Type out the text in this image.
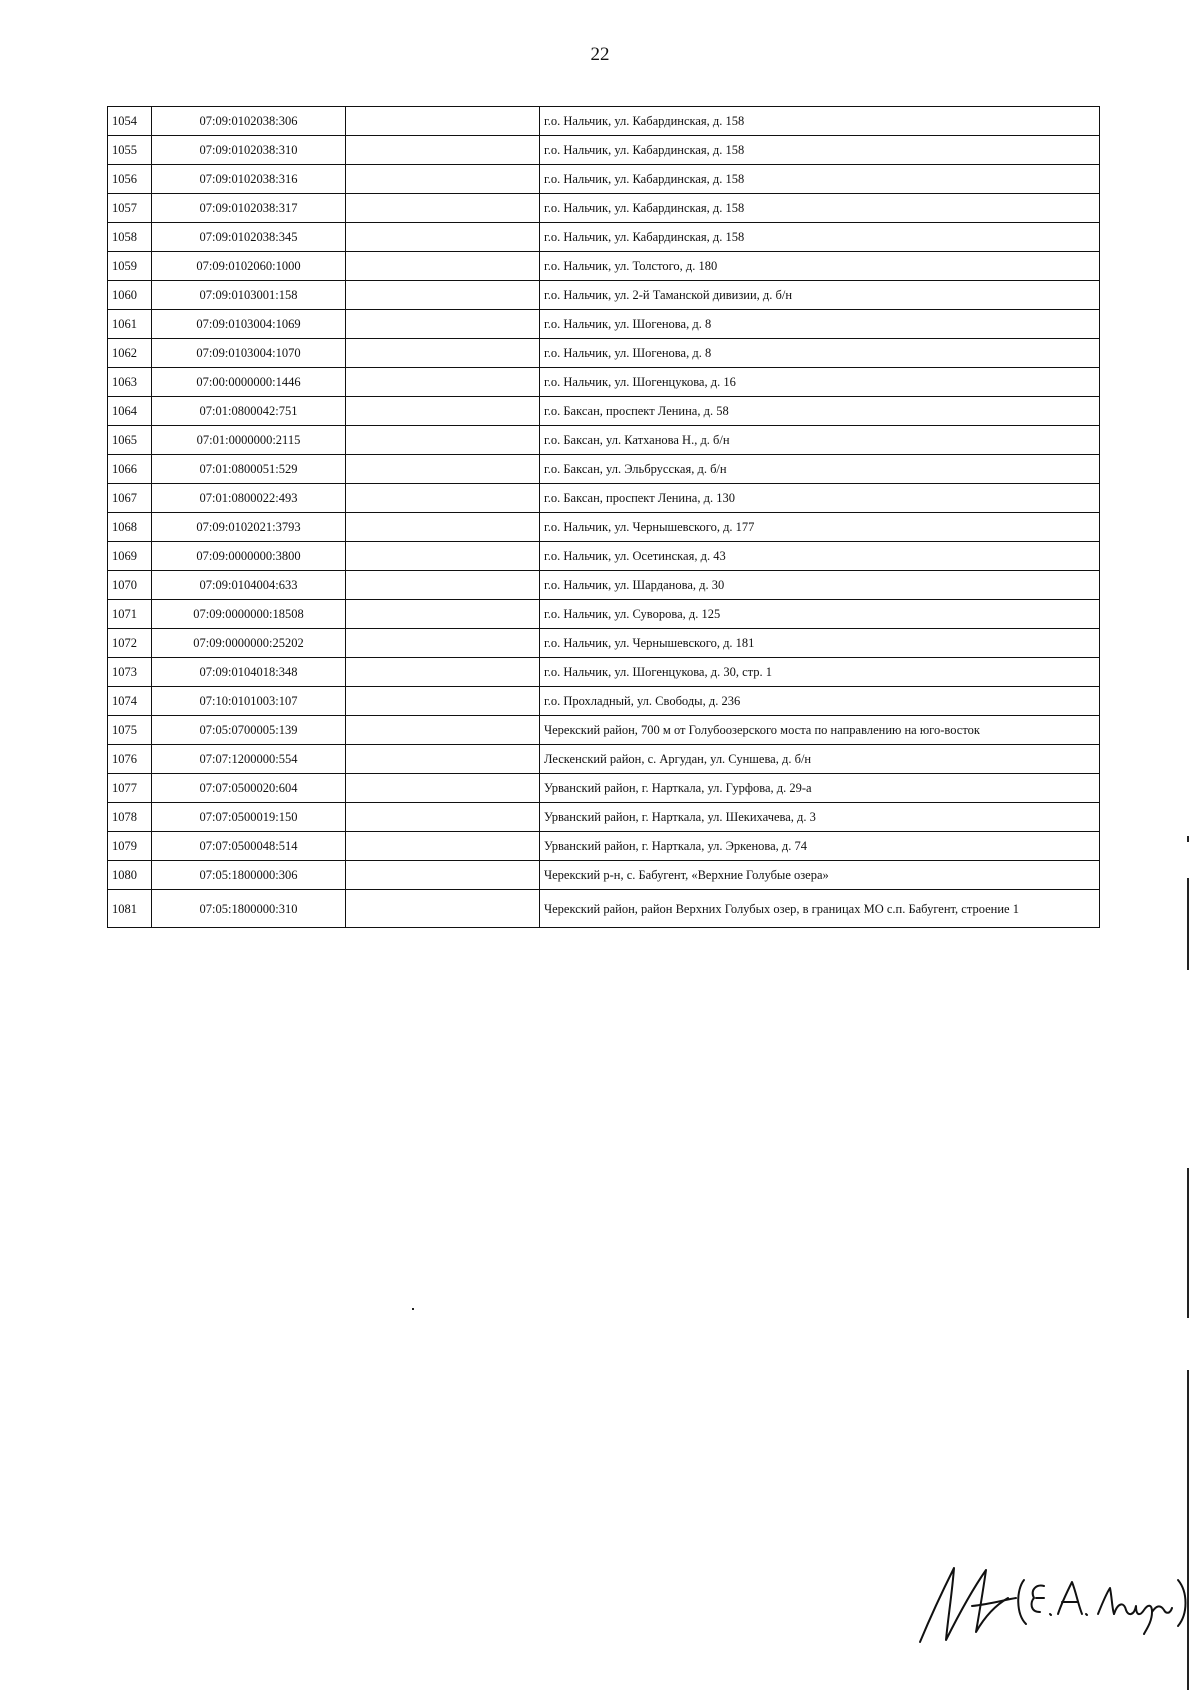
22
1054	07:09:0102038:306		г.о. Нальчик, ул. Кабардинская, д. 158
1055	07:09:0102038:310		г.о. Нальчик, ул. Кабардинская, д. 158
1056	07:09:0102038:316		г.о. Нальчик, ул. Кабардинская, д. 158
1057	07:09:0102038:317		г.о. Нальчик, ул. Кабардинская, д. 158
1058	07:09:0102038:345		г.о. Нальчик, ул. Кабардинская, д. 158
1059	07:09:0102060:1000		г.о. Нальчик, ул. Толстого, д. 180
1060	07:09:0103001:158		г.о. Нальчик, ул. 2-й Таманской дивизии, д. б/н
1061	07:09:0103004:1069		г.о. Нальчик, ул. Шогенова, д. 8
1062	07:09:0103004:1070		г.о. Нальчик, ул. Шогенова, д. 8
1063	07:00:0000000:1446		г.о. Нальчик, ул. Шогенцукова, д. 16
1064	07:01:0800042:751		г.о. Баксан, проспект Ленина, д. 58
1065	07:01:0000000:2115		г.о. Баксан, ул. Катханова Н., д. б/н
1066	07:01:0800051:529		г.о. Баксан, ул. Эльбрусская, д. б/н
1067	07:01:0800022:493		г.о. Баксан, проспект Ленина, д. 130
1068	07:09:0102021:3793		г.о. Нальчик, ул. Чернышевского, д. 177
1069	07:09:0000000:3800		г.о. Нальчик, ул. Осетинская, д. 43
1070	07:09:0104004:633		г.о. Нальчик, ул. Шарданова, д. 30
1071	07:09:0000000:18508		г.о. Нальчик, ул. Суворова, д. 125
1072	07:09:0000000:25202		г.о. Нальчик, ул. Чернышевского, д. 181
1073	07:09:0104018:348		г.о. Нальчик, ул. Шогенцукова, д. 30, стр. 1
1074	07:10:0101003:107		г.о. Прохладный, ул. Свободы, д. 236
1075	07:05:0700005:139		Черекский район, 700 м от Голубоозерского моста по направлению на юго-восток
1076	07:07:1200000:554		Лескенский район, с. Аргудан, ул. Суншева, д. б/н
1077	07:07:0500020:604		Урванский район, г. Нарткала, ул. Гурфова, д. 29-а
1078	07:07:0500019:150		Урванский район, г. Нарткала, ул. Шекихачева, д. 3
1079	07:07:0500048:514		Урванский район, г. Нарткала, ул. Эркенова, д. 74
1080	07:05:1800000:306		Черекский р-н, с. Бабугент, «Верхние Голубые озера»
1081	07:05:1800000:310		Черекский район, район Верхних Голубых озер, в границах МО с.п. Бабугент, строение 1
